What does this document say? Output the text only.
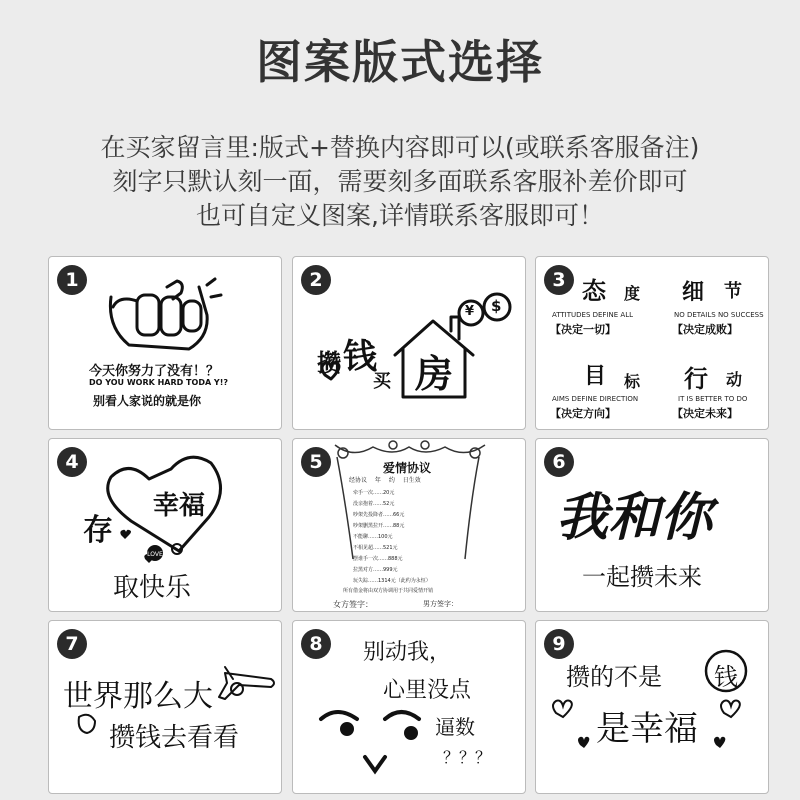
图案版式选择
在买家留言里:版式+替换内容即可以(或联系客服备注)
刻字只默认刻一面，需要刻多面联系客服补差价即可
也可自定义图案,详情联系客服即可！
1
今天你努力了没有！？
DO YOU WORK HARD TODA Y!?
别看人家说的就是你
2
¥ $
攒 钱
买 房
3 态 度
ATTITUDES DEFINE ALL
【决定一切】
细 节
NO DETAILS NO SUCCESS
【决定成败】
目 标
AIMS DEFINE DIRECTION
【决定方向】
行 动
IT IS BETTER TO DO
【决定未来】
4
LOVE
存
幸福
取快乐
5	爱情协议
经协议 　年 　约 　日生效
牵手一次……20元
没亲抱着……52元
吵架先投降者……66元
吵架删黑拉开……88元
不能聊……100元
不相见超……521元
摆谁手一次……888元
拉黑对方……999元
玩失踪……1314元（此约为永恒）
所有借金将由双方协调用于共同爱情开销
女方签字：	男方签字：
6
我和你
一起攒未来
7
世界那么大
攒钱去看看
8	别动我，
心里没点
逼数
？？？
9
攒的不是 钱
是幸福
